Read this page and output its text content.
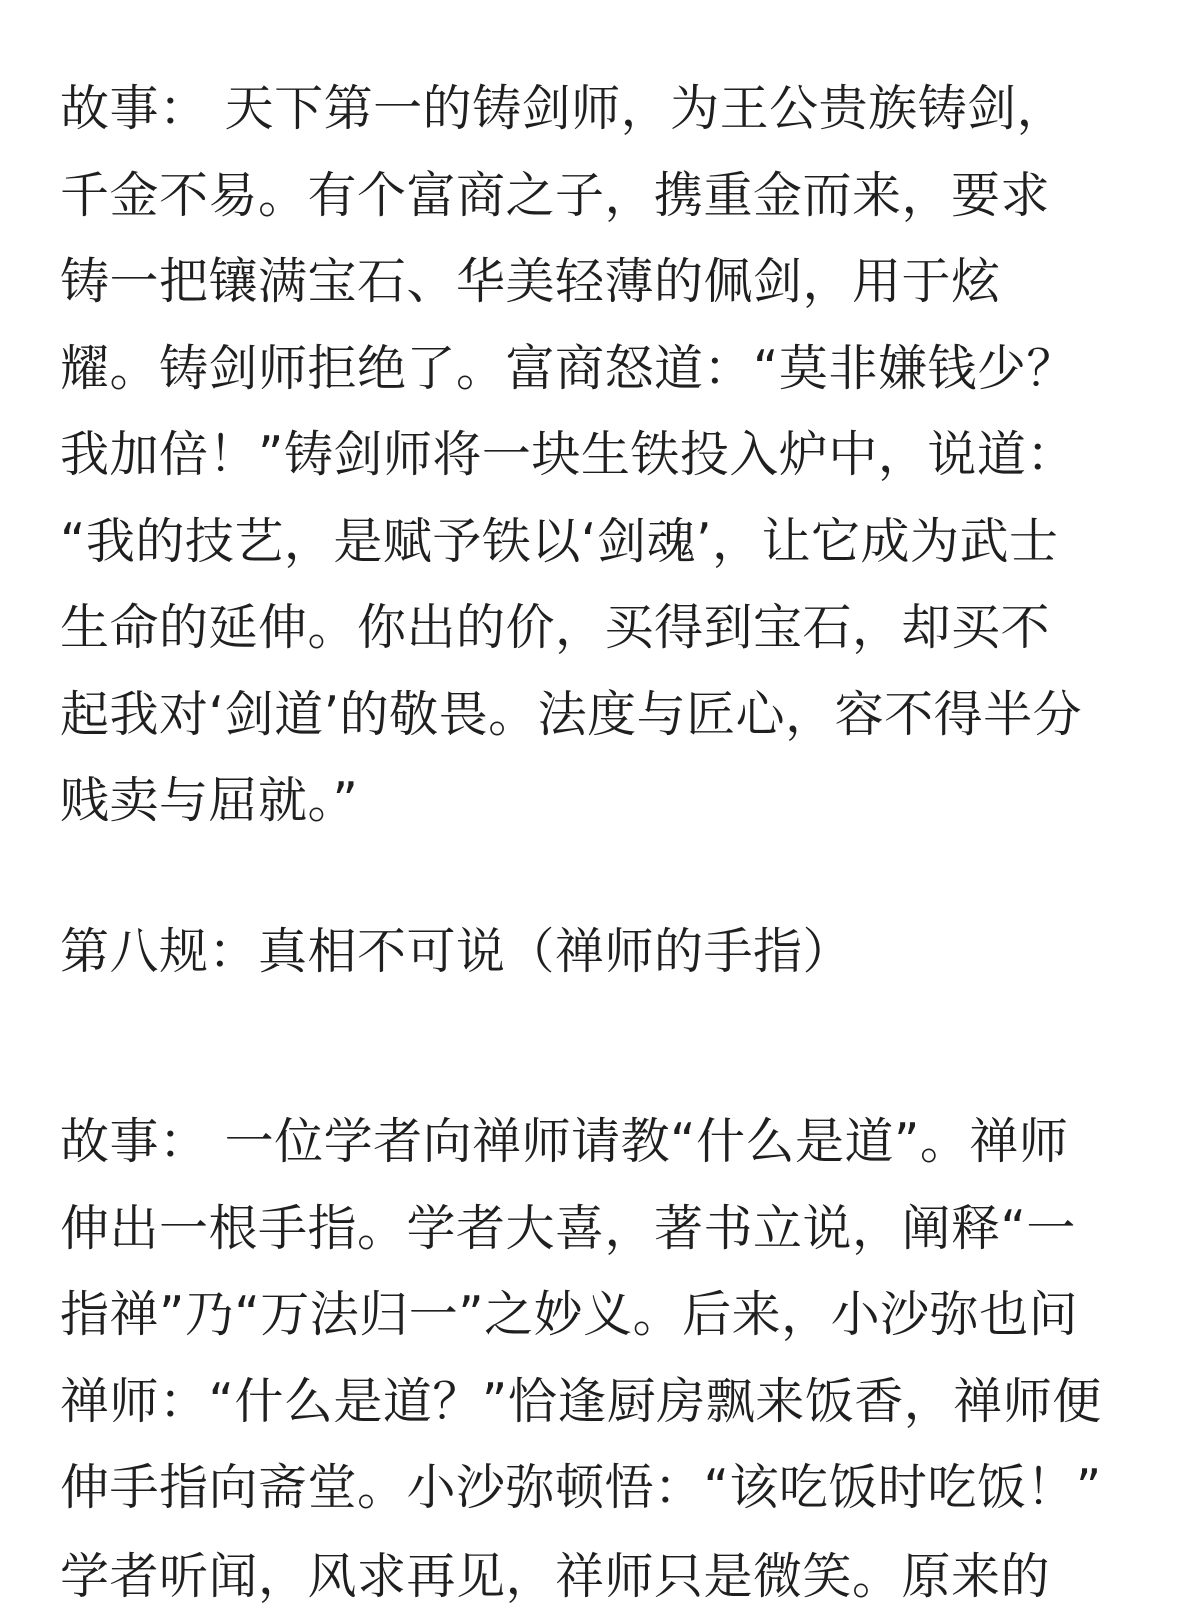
故事： 天下第一的铸剑师，为王公贵族铸剑，
千金不易。有个富商之子，携重金而来，要求
铸一把镶满宝石、华美轻薄的佩剑，用于炫
耀。铸剑师拒绝了。富商怒道：“莫非嫌钱少？
我加倍！”铸剑师将一块生铁投入炉中，说道：
“我的技艺，是赋予铁以‘剑魂’，让它成为武士
生命的延伸。你出的价，买得到宝石，却买不
起我对‘剑道’的敬畏。法度与匠心，容不得半分
贱卖与屈就。”
第八规：真相不可说（禅师的手指）
故事： 一位学者向禅师请教“什么是道”。禅师
伸出一根手指。学者大喜，著书立说，阐释“一
指禅”乃“万法归一”之妙义。后来，小沙弥也问
禅师：“什么是道？”恰逢厨房飘来饭香，禅师便
伸手指向斋堂。小沙弥顿悟：“该吃饭时吃饭！”
学者听闻，风求再见，祥师只是微笑。原来的
